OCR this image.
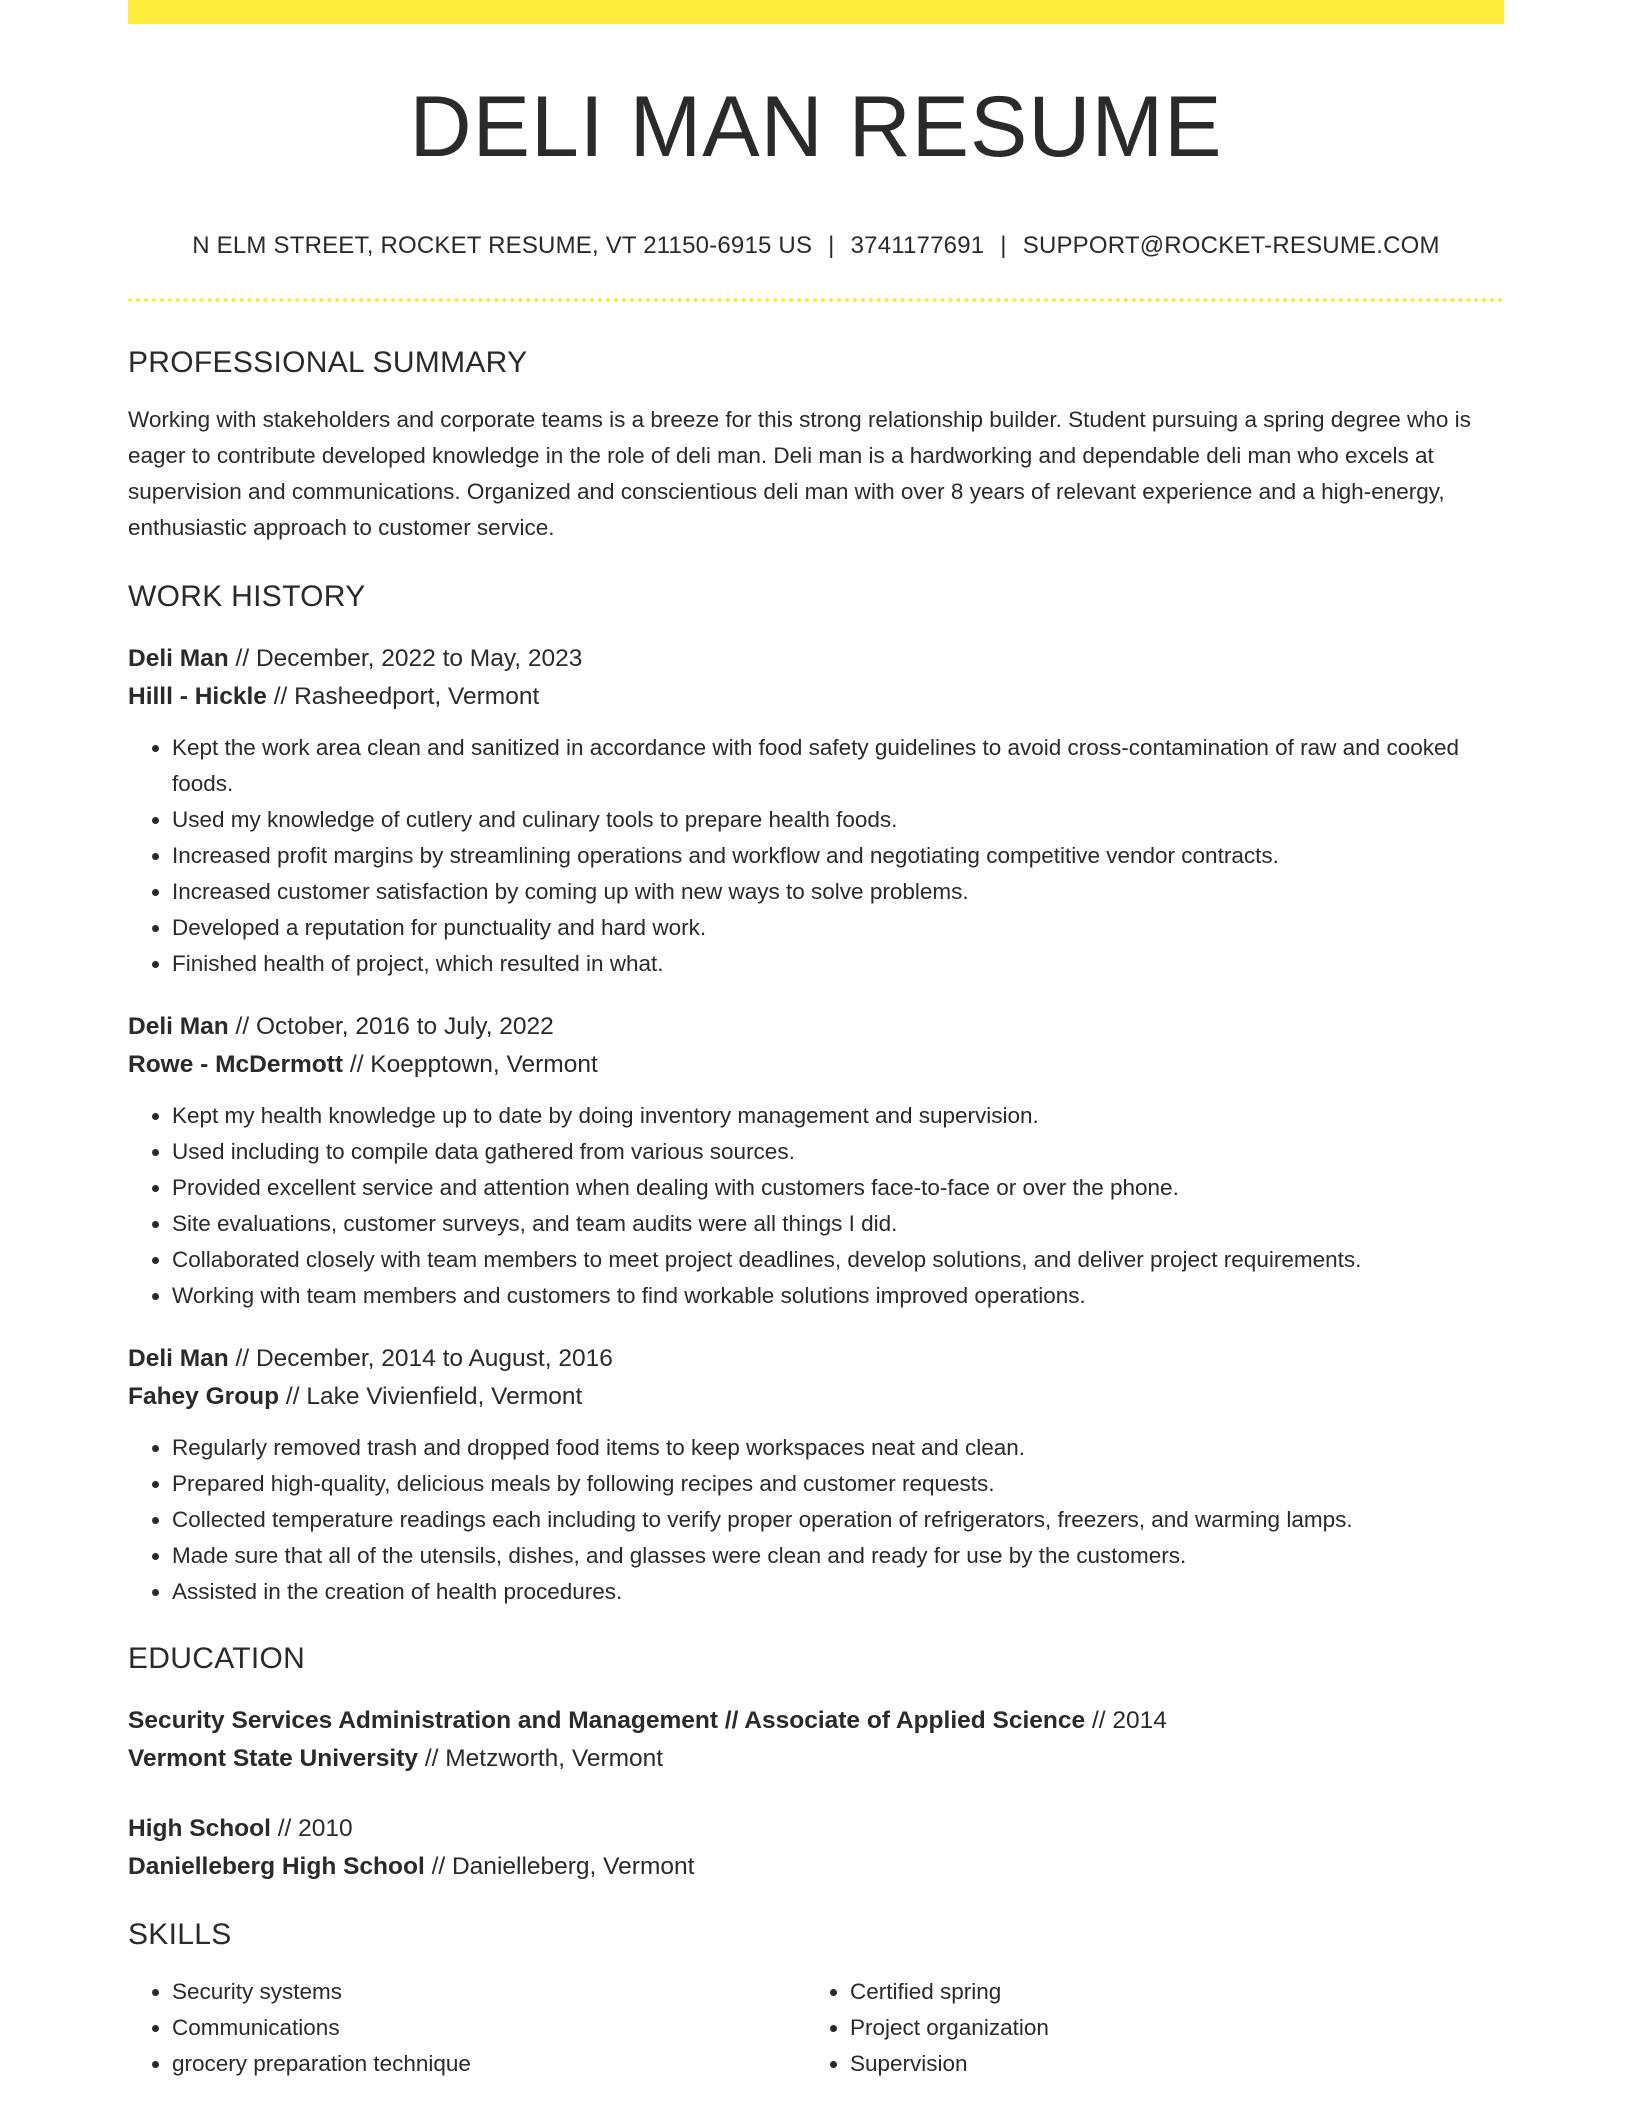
DELI MAN RESUME
N ELM STREET, ROCKET RESUME, VT 21150-6915 US | 3741177691 | SUPPORT@ROCKET-RESUME.COM
PROFESSIONAL SUMMARY

Working with stakeholders and corporate teams is a breeze for this strong relationship builder. Student pursuing a spring degree who is eager to contribute developed knowledge in the role of deli man. Deli man is a hardworking and dependable deli man who excels at supervision and communications. Organized and conscientious deli man with over 8 years of relevant experience and a high-energy, enthusiastic approach to customer service.

WORK HISTORY
Deli Man // December, 2022 to May, 2023
Hilll - Hickle // Rasheedport, Vermont
• Kept the work area clean and sanitized in accordance with food safety guidelines to avoid cross-contamination of raw and cooked foods.
• Used my knowledge of cutlery and culinary tools to prepare health foods.
• Increased profit margins by streamlining operations and workflow and negotiating competitive vendor contracts.
• Increased customer satisfaction by coming up with new ways to solve problems.
• Developed a reputation for punctuality and hard work.
• Finished health of project, which resulted in what.
Deli Man // October, 2016 to July, 2022
Rowe - McDermott // Koepptown, Vermont
• Kept my health knowledge up to date by doing inventory management and supervision.
• Used including to compile data gathered from various sources.
• Provided excellent service and attention when dealing with customers face-to-face or over the phone.
• Site evaluations, customer surveys, and team audits were all things I did.
• Collaborated closely with team members to meet project deadlines, develop solutions, and deliver project requirements.
• Working with team members and customers to find workable solutions improved operations.
Deli Man // December, 2014 to August, 2016
Fahey Group // Lake Vivienfield, Vermont
• Regularly removed trash and dropped food items to keep workspaces neat and clean.
• Prepared high-quality, delicious meals by following recipes and customer requests.
• Collected temperature readings each including to verify proper operation of refrigerators, freezers, and warming lamps.
• Made sure that all of the utensils, dishes, and glasses were clean and ready for use by the customers.
• Assisted in the creation of health procedures.
EDUCATION
Security Services Administration and Management // Associate of Applied Science // 2014
Vermont State University // Metzworth, Vermont
High School // 2010
Danielleberg High School // Danielleberg, Vermont
SKILLS
• Security systems
• Communications
• grocery preparation technique
• Certified spring
• Project organization
• Supervision
